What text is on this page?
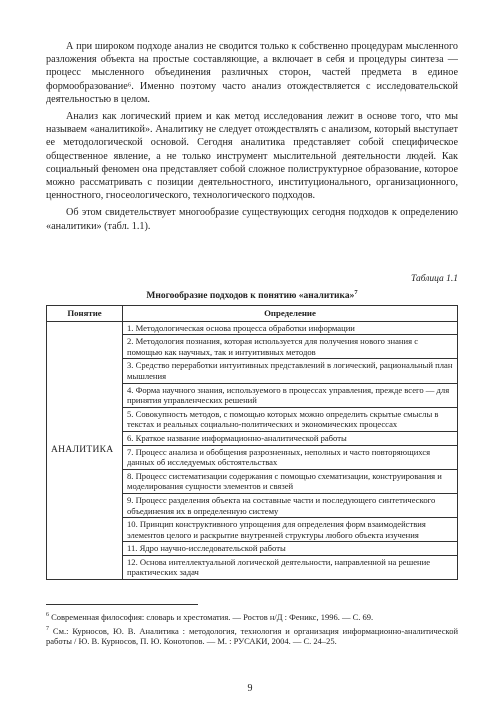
А при широком подходе анализ не сводится только к собственно процедурам мысленного разложения объекта на простые составляющие, а включает в себя и процедуры синтеза — процесс мысленного объединения различных сторон, частей предмета в единое формообразование⁶. Именно поэтому часто анализ отождествляется с исследовательской деятельностью в целом.

Анализ как логический прием и как метод исследования лежит в основе того, что мы называем «аналитикой». Аналитику не следует отождествлять с анализом, который выступает ее методологической основой. Сегодня аналитика представляет собой специфическое общественное явление, а не только инструмент мыслительной деятельности людей. Как социальный феномен она представляет собой сложное полиструктурное образование, которое можно рассматривать с позиции деятельностного, институционального, организационного, ценностного, гносеологического, технологического подходов.

Об этом свидетельствует многообразие существующих сегодня подходов к определению «аналитики» (табл. 1.1).

Таблица 1.1
Многообразие подходов к понятию «аналитика»$^7$
Понятие	Определение
АНАЛИТИКА	1. Методологическая основа процесса обработки информации
	2. Методология познания, которая используется для получения нового знания с помощью как научных, так и интуитивных методов
	3. Средство переработки интуитивных представлений в логический, рациональный план мышления
	4. Форма научного знания, используемого в процессах управления, прежде всего — для принятия управленческих решений
	5. Совокупность методов, с помощью которых можно определить скрытые смыслы в текстах и реальных социально-политических и экономических процессах
	6. Краткое название информационно-аналитической работы
	7. Процесс анализа и обобщения разрозненных, неполных и часто повторяющихся данных об исследуемых обстоятельствах
	8. Процесс систематизации содержания с помощью схематизации, конструирования и моделирования сущности элементов и связей
	9. Процесс разделения объекта на составные части и последующего синтетического объединения их в определенную систему
	10. Принцип конструктивного упрощения для определения форм взаимодействия элементов целого и раскрытие внутренней структуры любого объекта изучения
	11. Ядро научно-исследовательской работы
	12. Основа интеллектуальной логической деятельности, направленной на решение практических задач

$^6$ Современная философия: словарь и хрестоматия. — Ростов н/Д : Феникс, 1996. — С. 69.

$^7$ См.: Курносов, Ю. В. Аналитика : методология, технология и организация информационно-аналитической работы / Ю. В. Курносов, П. Ю. Конотопов. — М. : РУСАКИ, 2004. — С. 24–25.

9
